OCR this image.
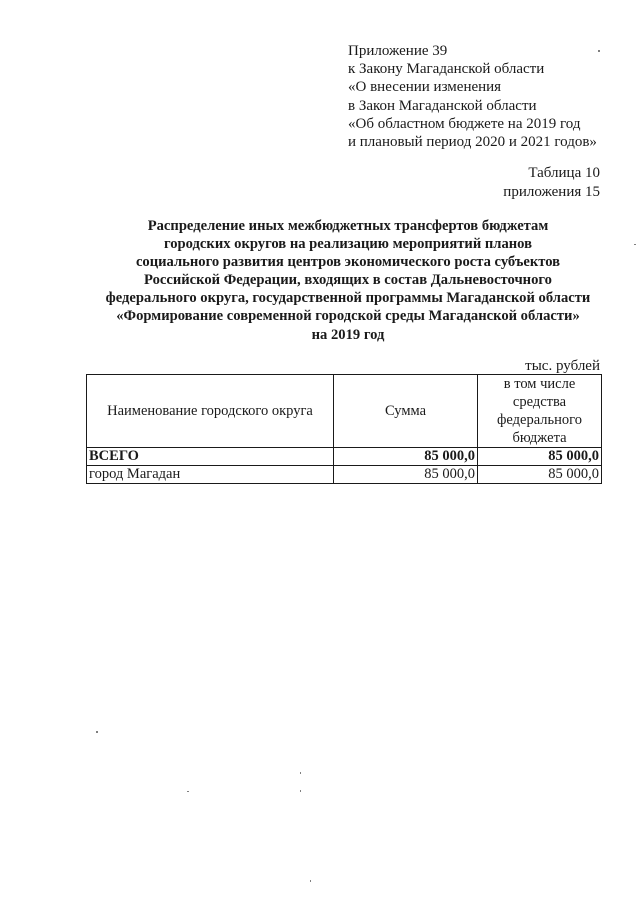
Приложение 39
к Закону Магаданской области
«О внесении изменения
в Закон Магаданской области
«Об областном бюджете на 2019 год
и плановый период 2020 и 2021 годов»
Таблица 10
приложения 15
Распределение иных межбюджетных трансфертов бюджетам
городских округов на реализацию мероприятий планов
социального развития центров экономического роста субъектов
Российской Федерации, входящих в состав Дальневосточного
федерального округа, государственной программы Магаданской области
«Формирование современной городской среды Магаданской области»
на 2019 год
тыс. рублей
Наименование городского округа	Сумма	в том числе средства федерального бюджета
ВСЕГО	85 000,0	85 000,0
город Магадан	85 000,0	85 000,0
